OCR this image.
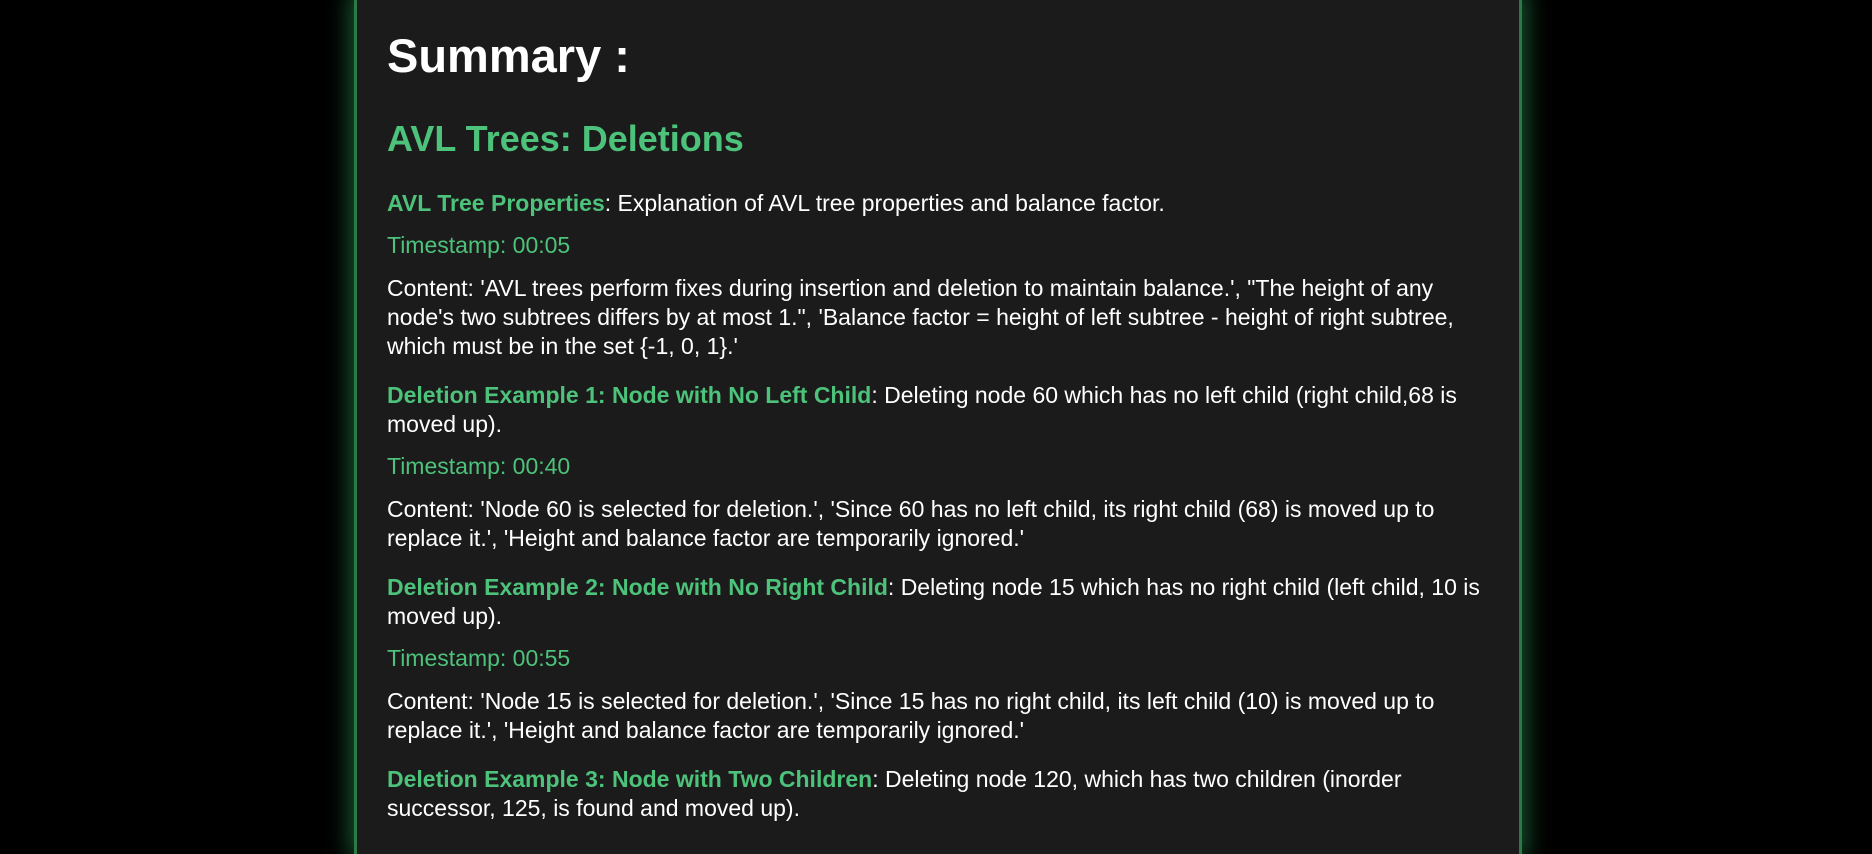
Summary :
AVL Trees: Deletions

AVL Tree Properties: Explanation of AVL tree properties and balance factor.

Timestamp: 00:05

Content: 'AVL trees perform fixes during insertion and deletion to maintain balance.', "The height of any node's two subtrees differs by at most 1.", 'Balance factor = height of left subtree - height of right subtree, which must be in the set {-1, 0, 1}.'

Deletion Example 1: Node with No Left Child: Deleting node 60 which has no left child (right child,68 is moved up).

Timestamp: 00:40

Content: 'Node 60 is selected for deletion.', 'Since 60 has no left child, its right child (68) is moved up to replace it.', 'Height and balance factor are temporarily ignored.'

Deletion Example 2: Node with No Right Child: Deleting node 15 which has no right child (left child, 10 is moved up).

Timestamp: 00:55

Content: 'Node 15 is selected for deletion.', 'Since 15 has no right child, its left child (10) is moved up to replace it.', 'Height and balance factor are temporarily ignored.'

Deletion Example 3: Node with Two Children: Deleting node 120, which has two children (inorder successor, 125, is found and moved up).
